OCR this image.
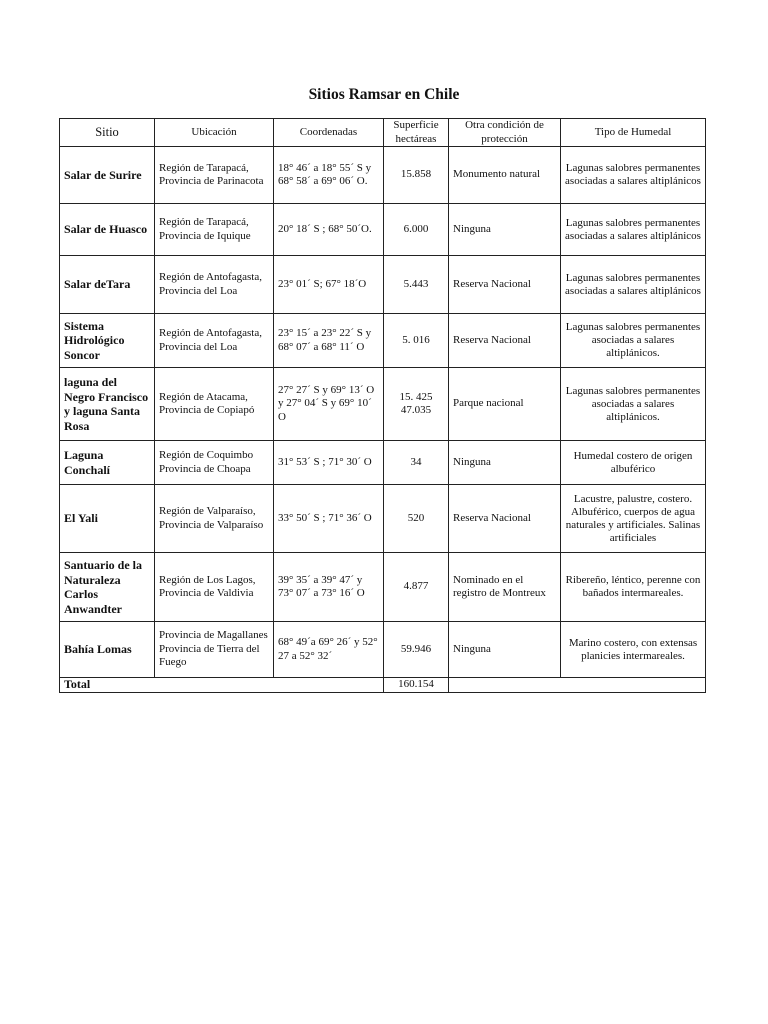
Sitios Ramsar en Chile
Sitio	Ubicación	Coordenadas	Superficie hectáreas	Otra condición de protección	Tipo de Humedal
Salar de Surire	Región de Tarapacá, Provincia de Parinacota	18° 46´ a 18° 55´ S y 68° 58´ a 69° 06´ O.	15.858	Monumento natural	Lagunas salobres permanentes asociadas a salares altiplánicos
Salar de Huasco	Región de Tarapacá, Provincia de Iquique	20° 18´ S ; 68° 50´O.	6.000	Ninguna	Lagunas salobres permanentes asociadas a salares altiplánicos
Salar deTara	Región de Antofagasta, Provincia del Loa	23° 01´ S; 67° 18´O	5.443	Reserva Nacional	Lagunas salobres permanentes asociadas a salares altiplánicos
Sistema Hidrológico Soncor	Región de Antofagasta, Provincia del Loa	23° 15´ a 23° 22´ S y 68° 07´ a 68° 11´ O	5. 016	Reserva Nacional	Lagunas salobres permanentes asociadas a salares altiplánicos.
laguna del Negro Francisco y laguna Santa Rosa	Región de Atacama, Provincia de Copiapó	27° 27´ S y 69° 13´ O y 27° 04´ S y 69° 10´ O	15. 425 47.035	Parque nacional	Lagunas salobres permanentes asociadas a salares altiplánicos.
Laguna Conchalí	Región de Coquimbo Provincia de Choapa	31° 53´ S ; 71° 30´ O	34	Ninguna	Humedal costero de origen albuférico
El Yali	Región de Valparaíso, Provincia de Valparaíso	33° 50´ S ; 71° 36´ O	520	Reserva Nacional	Lacustre, palustre, costero. Albuférico, cuerpos de agua naturales y artificiales. Salinas artificiales
Santuario de la Naturaleza Carlos Anwandter	Región de Los Lagos, Provincia de Valdivia	39° 35´ a 39° 47´ y 73° 07´ a 73° 16´ O	4.877	Nominado en el registro de Montreux	Ribereño, léntico, perenne con bañados intermareales.
Bahía Lomas	Provincia de Magallanes Provincia de Tierra del Fuego	68° 49´a 69° 26´ y 52° 27 a 52° 32´	59.946	Ninguna	Marino costero, con extensas planicies intermareales.
Total			160.154		
